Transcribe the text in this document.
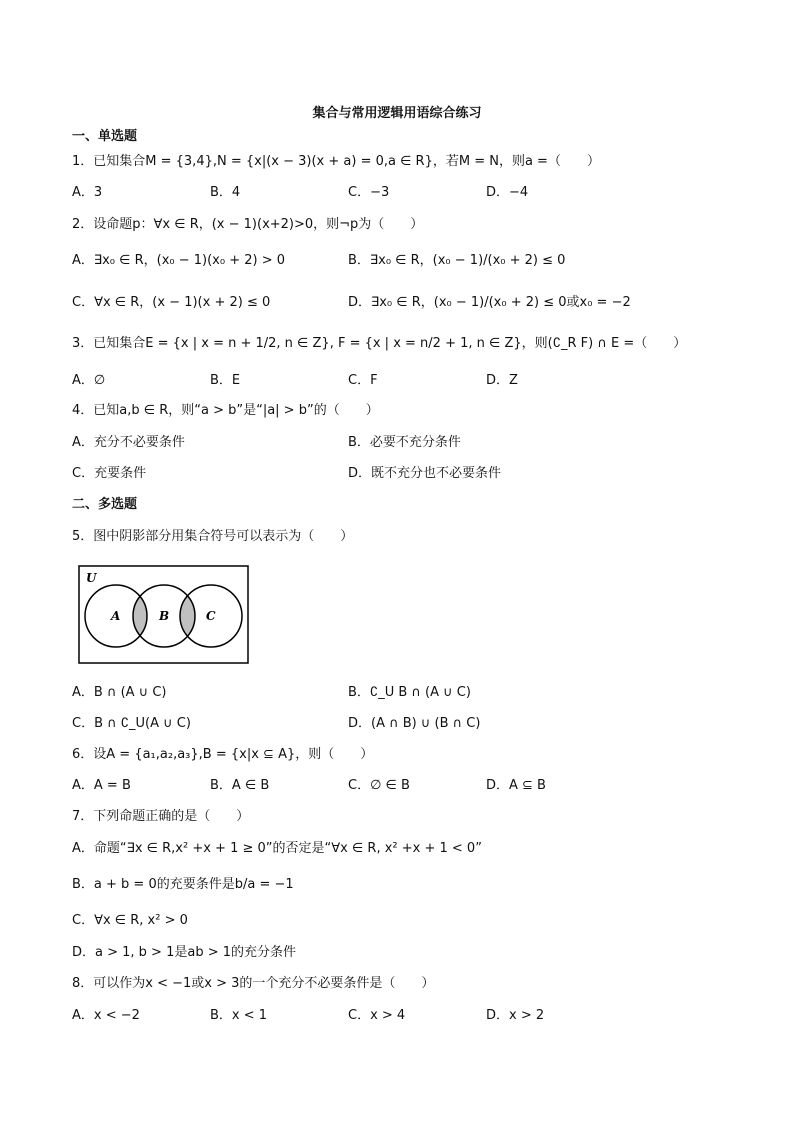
集合与常用逻辑用语综合练习
一、单选题
1．已知集合M = {3,4},N = {x|(x − 3)(x + a) = 0,a ∈ R}，若M = N，则a =（　　）
A．3	B．4	C．−3	D．−4
2．设命题p：∀x ∈ R，(x − 1)(x+2)>0，则¬p为（　　）
A．∃x₀ ∈ R，(x₀ − 1)(x₀ + 2) > 0	B．∃x₀ ∈ R，(x₀ − 1)/(x₀ + 2) ≤ 0
C．∀x ∈ R，(x − 1)(x + 2) ≤ 0	D．∃x₀ ∈ R，(x₀ − 1)/(x₀ + 2) ≤ 0或x₀ = −2
3．已知集合E = {x | x = n + 1/2, n ∈ Z}, F = {x | x = n/2 + 1, n ∈ Z}，则(∁_R F) ∩ E =（　　）
A．∅	B．E	C．F	D．Z
4．已知a,b ∈ R，则“a > b”是“|a| > b”的（　　）
A．充分不必要条件	B．必要不充分条件
C．充要条件	D．既不充分也不必要条件
二、多选题
5．图中阴影部分用集合符号可以表示为（　　）
U
A	B	C
A．B ∩ (A ∪ C)	B．∁_U B ∩ (A ∪ C)
C．B ∩ ∁_U(A ∪ C)	D．(A ∩ B) ∪ (B ∩ C)
6．设A = {a₁,a₂,a₃},B = {x|x ⊆ A}，则（　　）
A．A = B	B．A ∈ B	C．∅ ∈ B	D．A ⊆ B
7．下列命题正确的是（　　）
A．命题“∃x ∈ R,x² +x + 1 ≥ 0”的否定是“∀x ∈ R, x² +x + 1 < 0”
B．a + b = 0的充要条件是b/a = −1
C．∀x ∈ R, x² > 0
D．a > 1, b > 1是ab > 1的充分条件
8．可以作为x < −1或x > 3的一个充分不必要条件是（　　）
A．x < −2	B．x < 1	C．x > 4	D．x > 2
